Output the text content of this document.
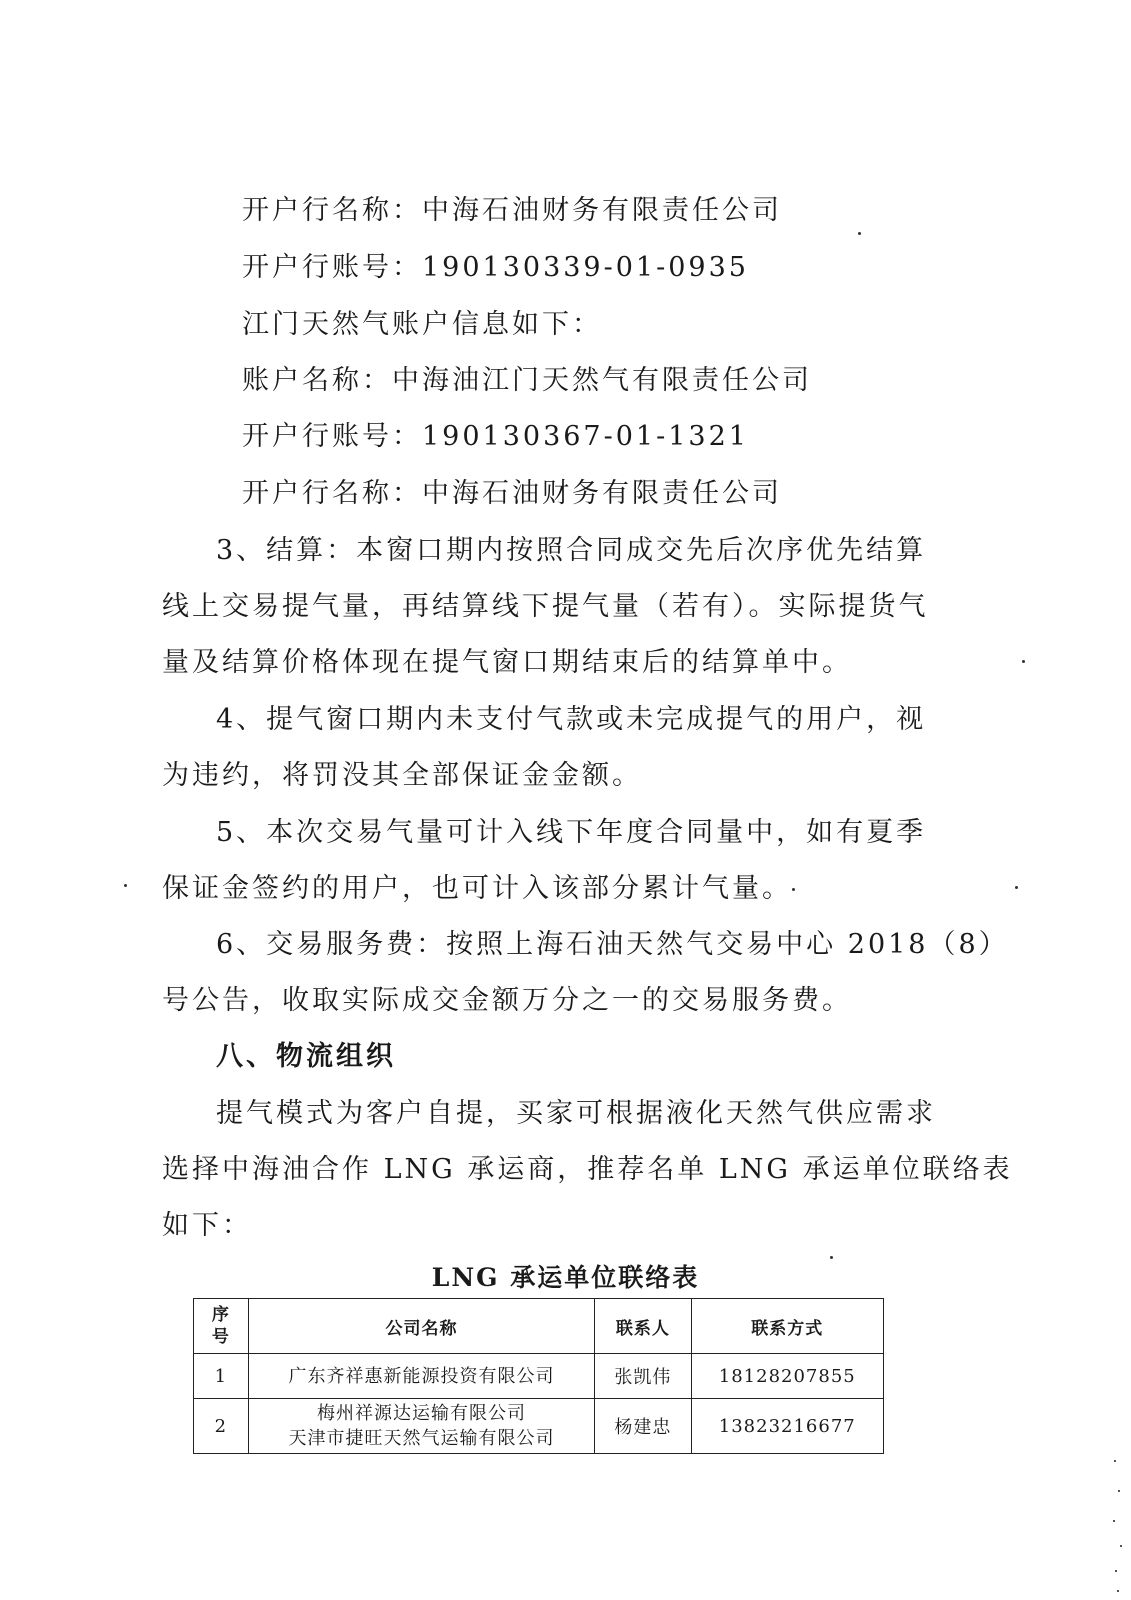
开户行名称：中海石油财务有限责任公司
开户行账号：190130339-01-0935
江门天然气账户信息如下：
账户名称：中海油江门天然气有限责任公司
开户行账号：190130367-01-1321
开户行名称：中海石油财务有限责任公司
3、结算：本窗口期内按照合同成交先后次序优先结算
线上交易提气量，再结算线下提气量（若有）。实际提货气
量及结算价格体现在提气窗口期结束后的结算单中。
4、提气窗口期内未支付气款或未完成提气的用户，视
为违约，将罚没其全部保证金金额。
5、本次交易气量可计入线下年度合同量中，如有夏季
保证金签约的用户，也可计入该部分累计气量。
6、交易服务费：按照上海石油天然气交易中心 2018（8）
号公告，收取实际成交金额万分之一的交易服务费。
八、物流组织
提气模式为客户自提，买家可根据液化天然气供应需求
选择中海油合作 LNG 承运商，推荐名单 LNG 承运单位联络表
如下：
LNG 承运单位联络表
序
号	公司名称	联系人	联系方式
1	广东齐祥惠新能源投资有限公司	张凯伟	18128207855
2	梅州祥源达运输有限公司
天津市捷旺天然气运输有限公司	杨建忠	13823216677
